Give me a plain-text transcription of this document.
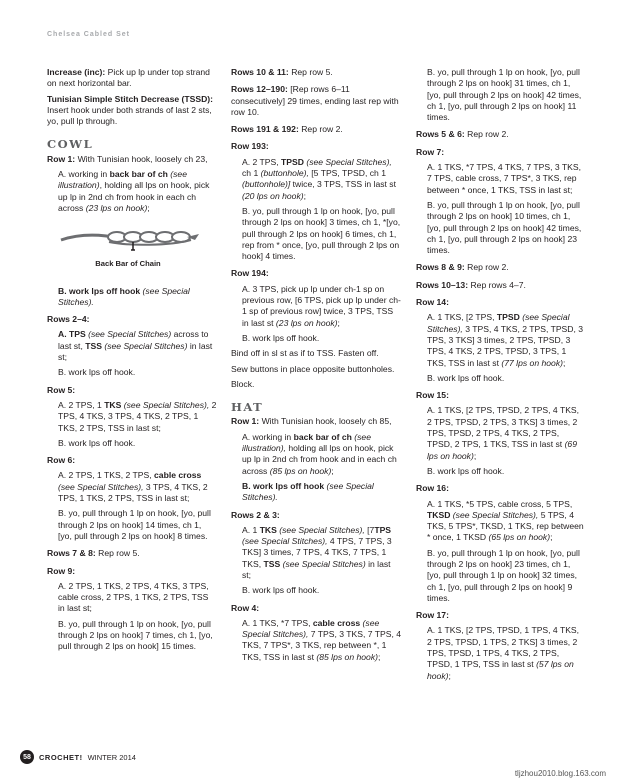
Chelsea Cabled Set

Increase (inc): Pick up lp under top strand on next horizontal bar.

Tunisian Simple Stitch Decrease (TSSD): Insert hook under both strands of last 2 sts, yo, pull lp through.

COWL

Row 1: With Tunisian hook, loosely ch 23,

A. working in back bar of ch (see illustration), holding all lps on hook, pick up lp in 2nd ch from hook in each ch across (23 lps on hook);

Back Bar of Chain

B. work lps off hook (see Special Stitches).

Rows 2–4:

A. TPS (see Special Stitches) across to last st, TSS (see Special Stitches) in last st;

B. work lps off hook.

Row 5:

A. 2 TPS, 1 TKS (see Special Stitches), 2 TPS, 4 TKS, 3 TPS, 4 TKS, 2 TPS, 1 TKS, 2 TPS, TSS in last st;

B. work lps off hook.

Row 6:

A. 2 TPS, 1 TKS, 2 TPS, cable cross (see Special Stitches), 3 TPS, 4 TKS, 2 TPS, 1 TKS, 2 TPS, TSS in last st;

B. yo, pull through 1 lp on hook, [yo, pull through 2 lps on hook] 14 times, ch 1, [yo, pull through 2 lps on hook] 8 times.

Rows 7 & 8: Rep row 5.

Row 9:

A. 2 TPS, 1 TKS, 2 TPS, 4 TKS, 3 TPS, cable cross, 2 TPS, 1 TKS, 2 TPS, TSS in last st;

B. yo, pull through 1 lp on hook, [yo, pull through 2 lps on hook] 7 times, ch 1, [yo, pull through 2 lps on hook] 15 times.

Rows 10 & 11: Rep row 5.

Rows 12–190: [Rep rows 6–11 consecutively] 29 times, ending last rep with row 10.

Rows 191 & 192: Rep row 2.

Row 193:

A. 2 TPS, TPSD (see Special Stitches), ch 1 (buttonhole), [5 TPS, TPSD, ch 1 (buttonhole)] twice, 3 TPS, TSS in last st (20 lps on hook);

B. yo, pull through 1 lp on hook, [yo, pull through 2 lps on hook] 3 times, ch 1, *[yo, pull through 2 lps on hook] 6 times, ch 1, rep from * once, [yo, pull through 2 lps on hook] 4 times.

Row 194:

A. 3 TPS, pick up lp under ch-1 sp on previous row, [6 TPS, pick up lp under ch-1 sp of previous row] twice, 3 TPS, TSS in last st (23 lps on hook);

B. work lps off hook.

Bind off in sl st as if to TSS. Fasten off.

Sew buttons in place opposite buttonholes.

Block.

HAT

Row 1: With Tunisian hook, loosely ch 85,

A. working in back bar of ch (see illustration), holding all lps on hook, pick up lp in 2nd ch from hook and in each ch across (85 lps on hook);

B. work lps off hook (see Special Stitches).

Rows 2 & 3:

A. 1 TKS (see Special Stitches), [7TPS (see Special Stitches), 4 TPS, 7 TPS, 3 TKS] 3 times, 7 TPS, 4 TKS, 7 TPS, 1 TKS, TSS (see Special Stitches) in last st;

B. work lps off hook.

Row 4:

A. 1 TKS, *7 TPS, cable cross (see Special Stitches), 7 TPS, 3 TKS, 7 TPS, 4 TKS, 7 TPS*, 3 TKS, rep between *, 1 TKS, TSS in last st (85 lps on hook);

B. yo, pull through 1 lp on hook, [yo, pull through 2 lps on hook] 31 times, ch 1, [yo, pull through 2 lps on hook] 42 times, ch 1, [yo, pull through 2 lps on hook] 11 times.

Rows 5 & 6: Rep row 2.

Row 7:

A. 1 TKS, *7 TPS, 4 TKS, 7 TPS, 3 TKS, 7 TPS, cable cross, 7 TPS*, 3 TKS, rep between * once, 1 TKS, TSS in last st;

B. yo, pull through 1 lp on hook, [yo, pull through 2 lps on hook] 10 times, ch 1, [yo, pull through 2 lps on hook] 42 times, ch 1, [yo, pull through 2 lps on hook] 23 times.

Rows 8 & 9: Rep row 2.

Rows 10–13: Rep rows 4–7.

Row 14:

A. 1 TKS, [2 TPS, TPSD (see Special Stitches), 3 TPS, 4 TKS, 2 TPS, TPSD, 3 TPS, 3 TKS] 3 times, 2 TPS, TPSD, 3 TPS, 4 TKS, 2 TPS, TPSD, 3 TPS, 1 TKS, TSS in last st (77 lps on hook);

B. work lps off hook.

Row 15:

A. 1 TKS, [2 TPS, TPSD, 2 TPS, 4 TKS, 2 TPS, TPSD, 2 TPS, 3 TKS] 3 times, 2 TPS, TPSD, 2 TPS, 4 TKS, 2 TPS, TPSD, 2 TPS, 1 TKS, TSS in last st (69 lps on hook);

B. work lps off hook.

Row 16:

A. 1 TKS, *5 TPS, cable cross, 5 TPS, TKSD (see Special Stitches), 5 TPS, 4 TKS, 5 TPS*, TKSD, 1 TKS, rep between * once, 1 TKSD (65 lps on hook);

B. yo, pull through 1 lp on hook, [yo, pull through 2 lps on hook] 23 times, ch 1, [yo, pull through 1 lp on hook] 32 times, ch 1, [yo, pull through 2 lps on hook] 9 times.

Row 17:

A. 1 TKS, [2 TPS, TPSD, 1 TPS, 4 TKS, 2 TPS, TPSD, 1 TPS, 2 TKS] 3 times, 2 TPS, TPSD, 1 TPS, 4 TKS, 2 TPS, TPSD, 1 TPS, TSS in last st (57 lps on hook);

58	CROCHET! WINTER 2014
tljzhou2010.blog.163.com
